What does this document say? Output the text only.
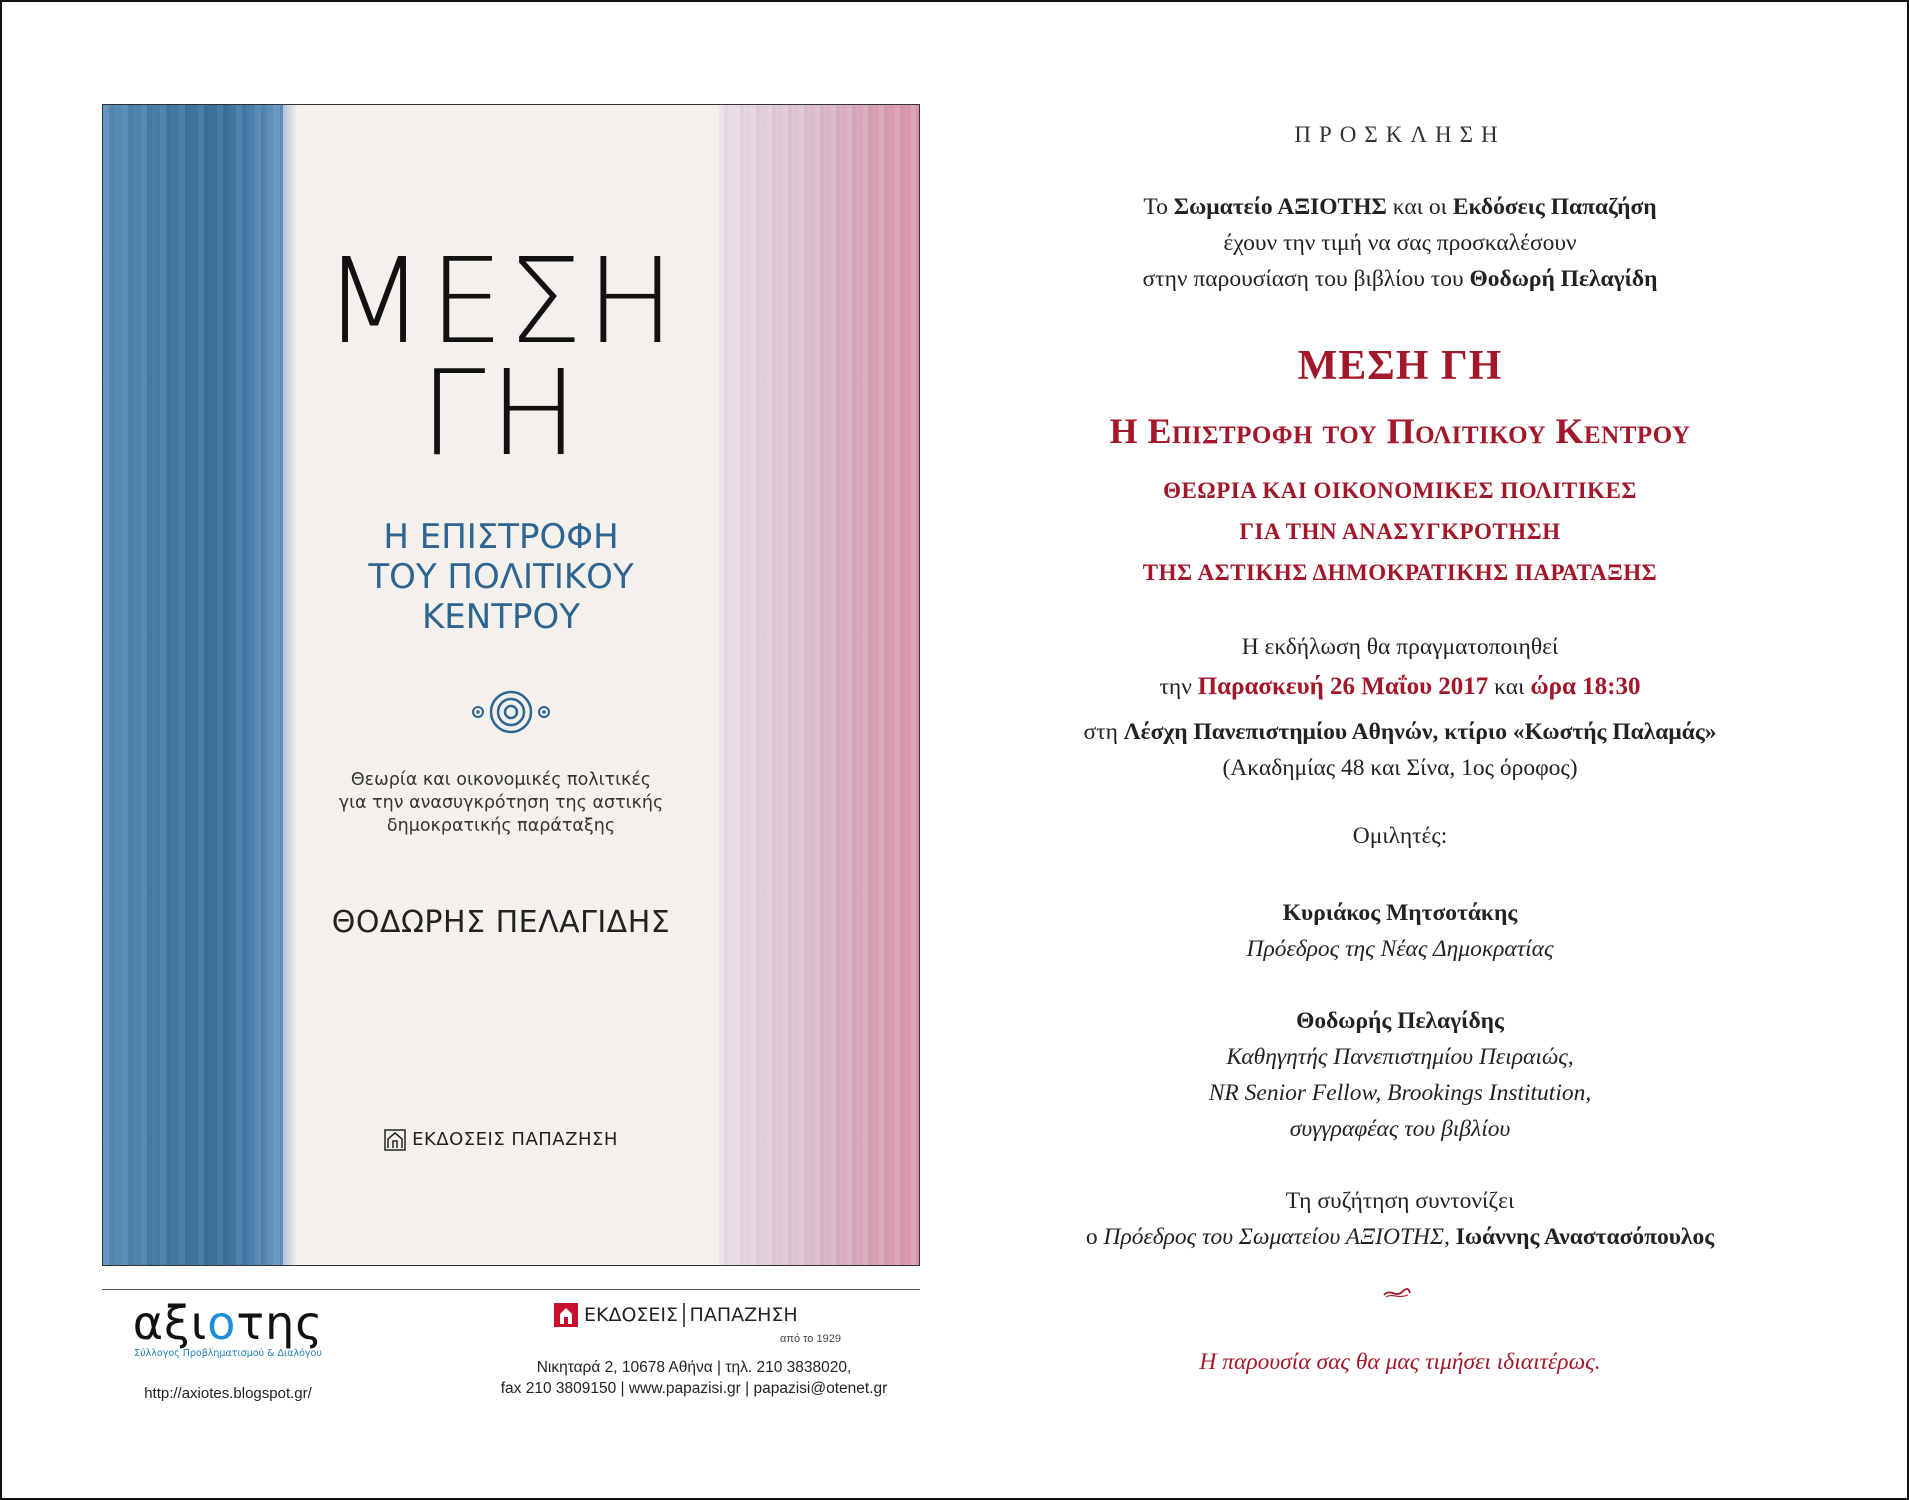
ΜΕΣΗ
ΓΗ
Η ΕΠΙΣΤΡΟΦΗ
ΤΟΥ ΠΟΛΙΤΙΚΟΥ
ΚΕΝΤΡΟΥ
Θεωρία και οικονομικές πολιτικές
για την ανασυγκρότηση της αστικής
δημοκρατικής παράταξης
ΘΟΔΩΡΗΣ ΠΕΛΑΓΙΔΗΣ
ΕΚΔΟΣΕΙΣ ΠΑΠΑΖΗΣΗ
αξιοτης
Σύλλογος Προβληματισμού & Διαλόγου
http://axiotes.blogspot.gr/
ΕΚΔΟΣΕΙΣ ΠΑΠΑΖΗΣΗ
από το 1929
Νικηταρά 2, 10678 Αθήνα | τηλ. 210 3838020,
fax 210 3809150 | www.papazisi.gr | papazisi@otenet.gr
ΠΡΟΣΚΛΗΣΗ
Το Σωματείο ΑΞΙΟΤΗΣ και οι Εκδόσεις Παπαζήση
έχουν την τιμή να σας προσκαλέσουν
στην παρουσίαση του βιβλίου του Θοδωρή Πελαγίδη
ΜΕΣΗ ΓΗ
Η Επιστροφη του Πολιτικου Κεντρου
ΘΕΩΡΙΑ ΚΑΙ ΟΙΚΟΝΟΜΙΚΕΣ ΠΟΛΙΤΙΚΕΣ
ΓΙΑ ΤΗΝ ΑΝΑΣΥΓΚΡΟΤΗΣΗ
ΤΗΣ ΑΣΤΙΚΗΣ ΔΗΜΟΚΡΑΤΙΚΗΣ ΠΑΡΑΤΑΞΗΣ
Η εκδήλωση θα πραγματοποιηθεί
την Παρασκευή 26 Μαΐου 2017 και ώρα 18:30
στη Λέσχη Πανεπιστημίου Αθηνών, κτίριο «Κωστής Παλαμάς»
(Ακαδημίας 48 και Σίνα, 1ος όροφος)
Ομιλητές:
Κυριάκος Μητσοτάκης
Πρόεδρος της Νέας Δημοκρατίας
Θοδωρής Πελαγίδης
Καθηγητής Πανεπιστημίου Πειραιώς,
NR Senior Fellow, Brookings Institution,
συγγραφέας του βιβλίου
Τη συζήτηση συντονίζει
ο Πρόεδρος του Σωματείου ΑΞΙΟΤΗΣ, Ιωάννης Αναστασόπουλος
Η παρουσία σας θα μας τιμήσει ιδιαιτέρως.
